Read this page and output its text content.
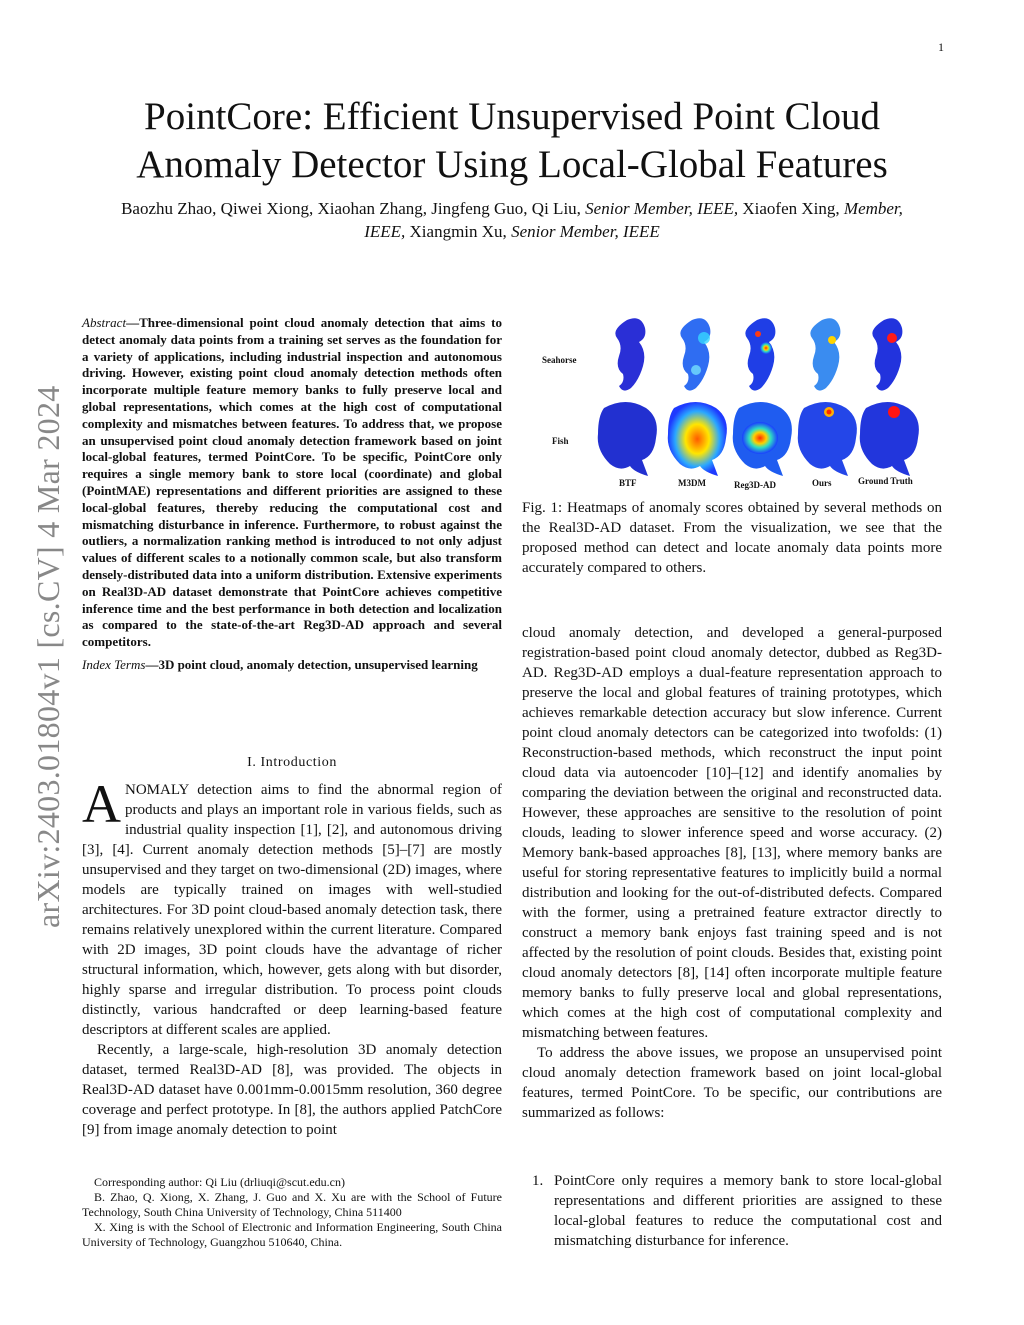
1
PointCore: Efficient Unsupervised Point Cloud
Anomaly Detector Using Local-Global Features
Baozhu Zhao, Qiwei Xiong, Xiaohan Zhang, Jingfeng Guo, Qi Liu, Senior Member, IEEE, Xiaofen Xing, Member, IEEE, Xiangmin Xu, Senior Member, IEEE
arXiv:2403.01804v1 [cs.CV] 4 Mar 2024
Abstract—Three-dimensional point cloud anomaly detection that aims to detect anomaly data points from a training set serves as the foundation for a variety of applications, including industrial inspection and autonomous driving. However, existing point cloud anomaly detection methods often incorporate multiple feature memory banks to fully preserve local and global representations, which comes at the high cost of computational complexity and mismatches between features. To address that, we propose an unsupervised point cloud anomaly detection framework based on joint local-global features, termed PointCore. To be specific, PointCore only requires a single memory bank to store local (coordinate) and global (PointMAE) representations and different priorities are assigned to these local-global features, thereby reducing the computational cost and mismatching disturbance in inference. Furthermore, to robust against the outliers, a normalization ranking method is introduced to not only adjust values of different scales to a notionally common scale, but also transform densely-distributed data into a uniform distribution. Extensive experiments on Real3D-AD dataset demonstrate that PointCore achieves competitive inference time and the best performance in both detection and localization as compared to the state-of-the-art Reg3D-AD approach and several competitors.
Index Terms—3D point cloud, anomaly detection, unsupervised learning
I. Introduction

ANOMALY detection aims to find the abnormal region of products and plays an important role in various fields, such as industrial quality inspection [1], [2], and autonomous driving [3], [4]. Current anomaly detection methods [5]–[7] are mostly unsupervised and they target on two-dimensional (2D) images, where models are typically trained on images with well-studied architectures. For 3D point cloud-based anomaly detection task, there remains relatively unexplored within the current literature. Compared with 2D images, 3D point clouds have the advantage of richer structural information, which, however, gets along with but disorder, highly sparse and irregular distribution. To process point clouds distinctly, various handcrafted or deep learning-based feature descriptors at different scales are applied.

Recently, a large-scale, high-resolution 3D anomaly detection dataset, termed Real3D-AD [8], was provided. The objects in Real3D-AD dataset have 0.001mm-0.0015mm resolution, 360 degree coverage and perfect prototype. In [8], the authors applied PatchCore [9] from image anomaly detection to point

Corresponding author: Qi Liu (drliuqi@scut.edu.cn)

B. Zhao, Q. Xiong, X. Zhang, J. Guo and X. Xu are with the School of Future Technology, South China University of Technology, China 511400

X. Xing is with the School of Electronic and Information Engineering, South China University of Technology, Guangzhou 510640, China.

Seahorse
Fish
BTF	M3DM	Reg3D-AD	Ours	Ground Truth
Fig. 1: Heatmaps of anomaly scores obtained by several methods on the Real3D-AD dataset. From the visualization, we see that the proposed method can detect and locate anomaly data points more accurately compared to others.

cloud anomaly detection, and developed a general-purposed registration-based point cloud anomaly detector, dubbed as Reg3D-AD. Reg3D-AD employs a dual-feature representation approach to preserve the local and global features of training prototypes, which achieves remarkable detection accuracy but slow inference. Current point cloud anomaly detectors can be categorized into twofolds: (1) Reconstruction-based methods, which reconstruct the input point cloud data via autoencoder [10]–[12] and identify anomalies by comparing the deviation between the original and reconstructed data. However, these approaches are sensitive to the resolution of point clouds, leading to slower inference speed and worse accuracy. (2) Memory bank-based approaches [8], [13], where memory banks are useful for storing representative features to implicitly build a normal distribution and looking for the out-of-distributed defects. Compared with the former, using a pretrained feature extractor directly to construct a memory bank enjoys fast training speed and is not affected by the resolution of point clouds. Besides that, existing point cloud anomaly detectors [8], [14] often incorporate multiple feature memory banks to fully preserve local and global representations, which comes at the high cost of computational complexity and mismatching between features.

To address the above issues, we propose an unsupervised point cloud anomaly detection framework based on joint local-global features, termed PointCore. To be specific, our contributions are summarized as follows:

1. PointCore only requires a memory bank to store local-global representations and different priorities are assigned to these local-global features to reduce the computational cost and mismatching disturbance for inference.
